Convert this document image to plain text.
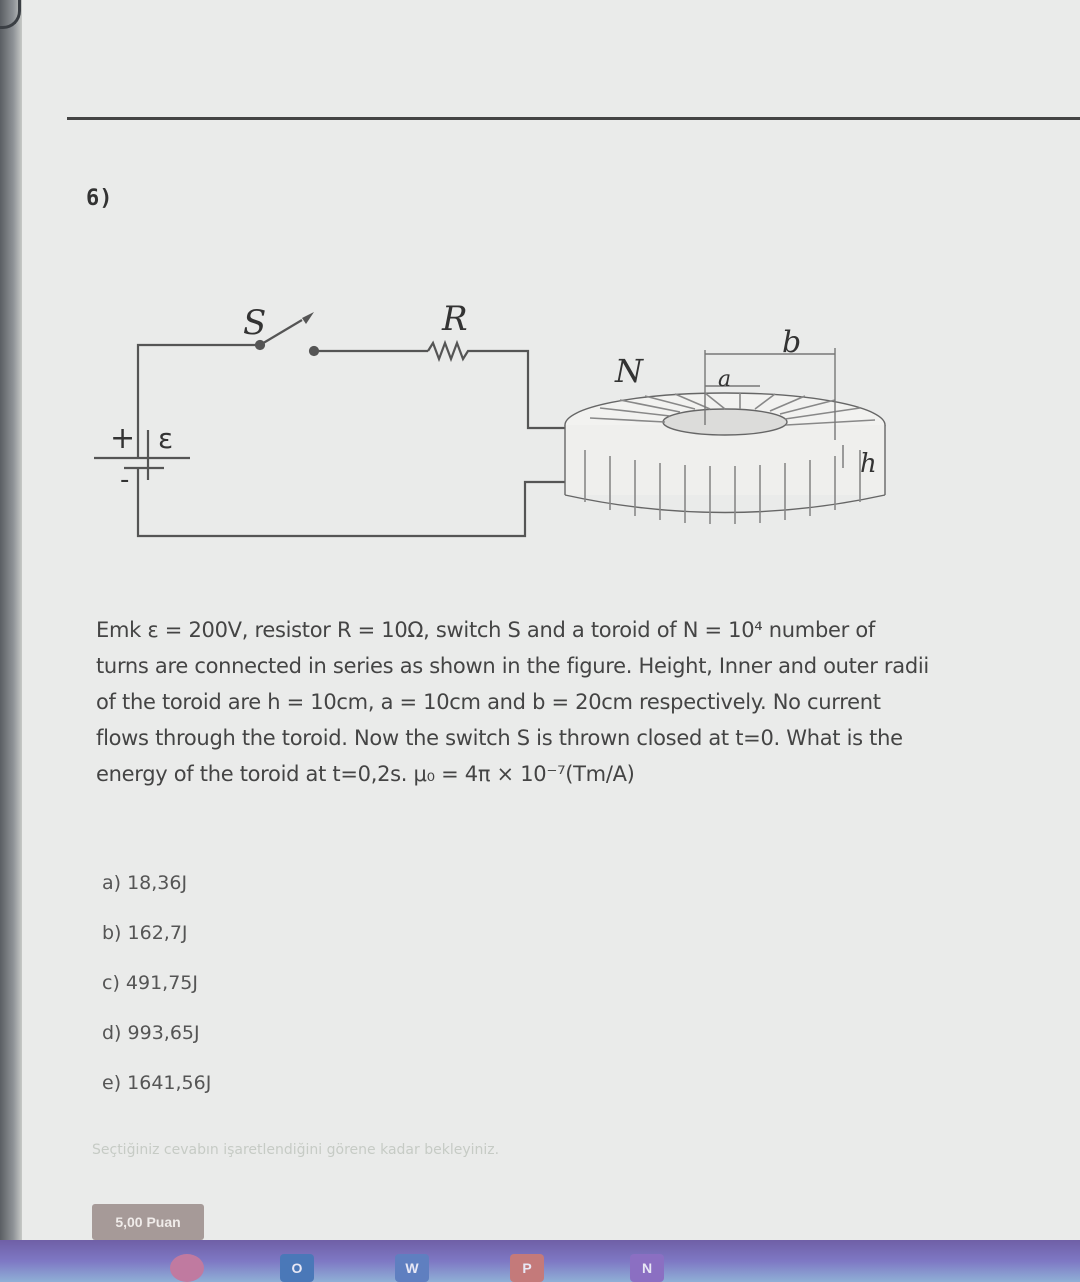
6)
S	R
N	a
b
h
+ ε
-
Emk ε = 200V, resistor R = 10Ω, switch S and a toroid of N = 10⁴ number of
turns are connected in series as shown in the figure. Height, Inner and outer radii
of the toroid are h = 10cm, a = 10cm and b = 20cm respectively. No current
flows through the toroid. Now the switch S is thrown closed at t=0. What is the
energy of the toroid at t=0,2s. μ₀ = 4π × 10⁻⁷(Tm/A)
a) 18,36J
b) 162,7J
c) 491,75J
d) 993,65J
e) 1641,56J
Seçtiğiniz cevabın işaretlendiğini görene kadar bekleyiniz.
5,00 Puan
O	W	P	N
